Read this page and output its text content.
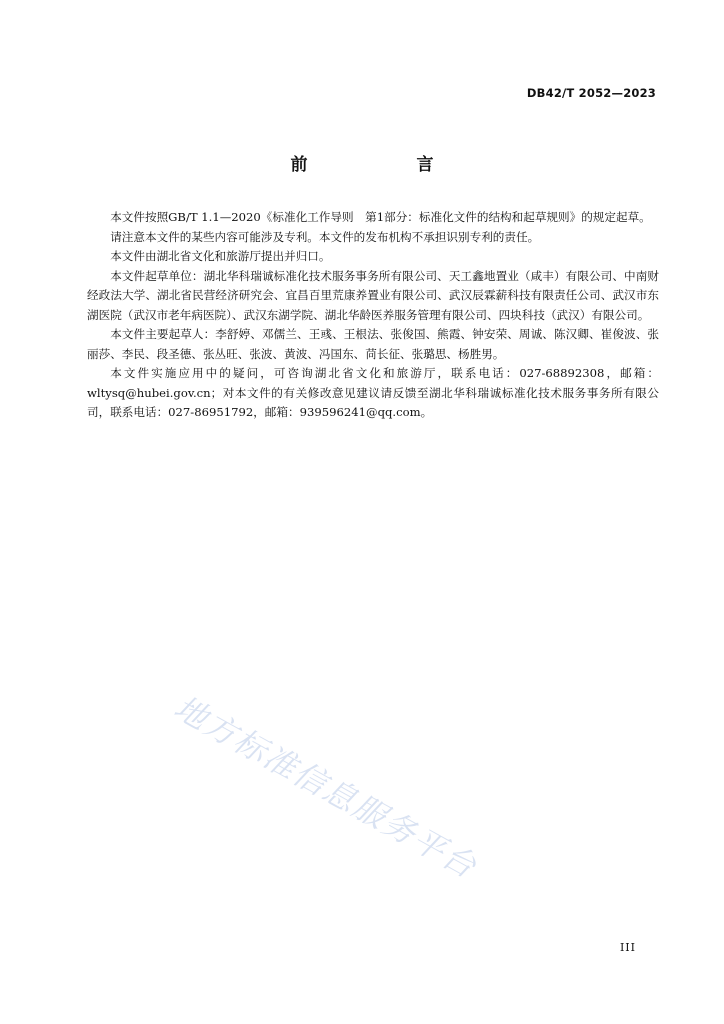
DB42/T 2052—2023
前　言

本文件按照GB/T 1.1—2020《标准化工作导则　第1部分：标准化文件的结构和起草规则》的规定起草。

请注意本文件的某些内容可能涉及专利。本文件的发布机构不承担识别专利的责任。

本文件由湖北省文化和旅游厅提出并归口。

本文件起草单位：湖北华科瑞诚标准化技术服务事务所有限公司、天工鑫地置业（咸丰）有限公司、中南财经政法大学、湖北省民营经济研究会、宜昌百里荒康养置业有限公司、武汉辰霖薪科技有限责任公司、武汉市东湖医院（武汉市老年病医院）、武汉东湖学院、湖北华龄医养服务管理有限公司、四块科技（武汉）有限公司。

本文件主要起草人：李舒婷、邓儒兰、王彧、王根法、张俊国、熊霞、钟安荣、周诚、陈汉卿、崔俊波、张丽莎、李民、段圣德、张丛旺、张波、黄波、冯国东、苘长征、张璐思、杨胜男。

本文件实施应用中的疑问，可咨询湖北省文化和旅游厅，联系电话：027-68892308，邮箱：wltysq@hubei.gov.cn；对本文件的有关修改意见建议请反馈至湖北华科瑞诚标准化技术服务事务所有限公司，联系电话：027-86951792，邮箱：939596241@qq.com。

地方标准信息服务平台
III
